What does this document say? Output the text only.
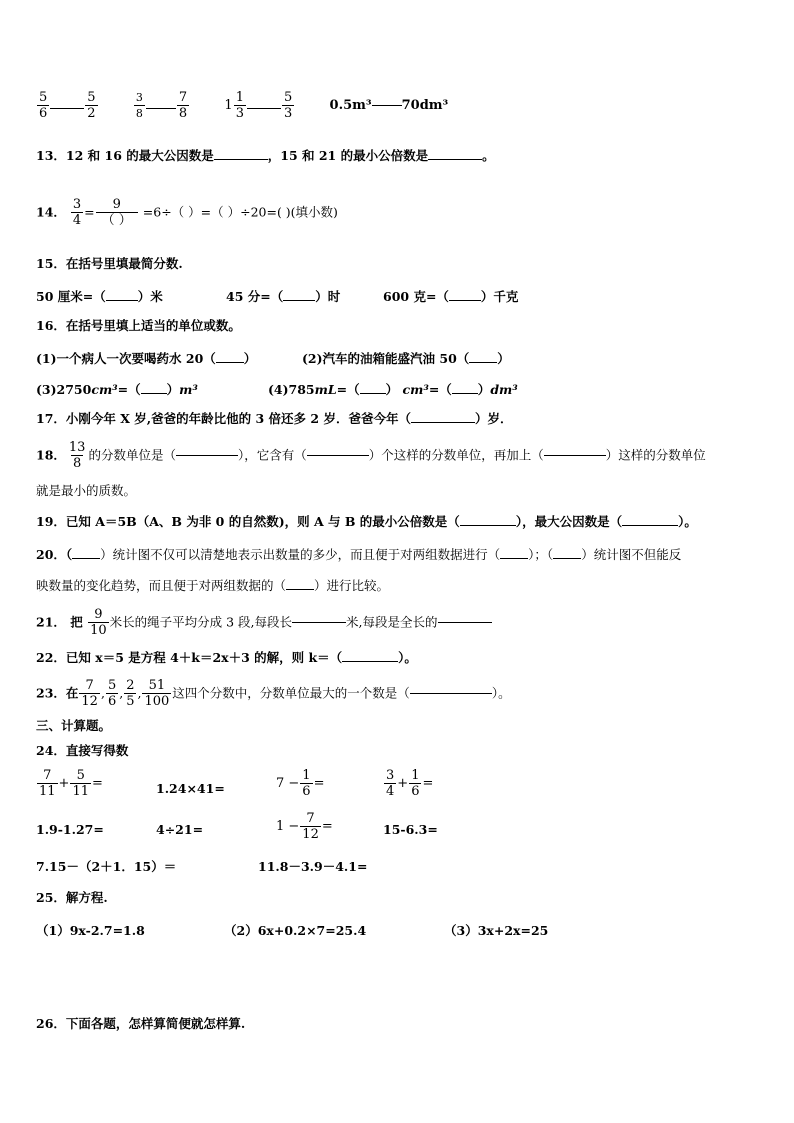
$\frac{5}{6}$	$\frac{5}{2}$
	$\frac{3}{8} \frac{7}{8}$	$1 \frac{1}{3}$	$\frac{5}{3}$	0.5m³ 70dm³
13．12 和 16 的最大公因数是	，15 和 21 的最小公倍数是	。
14． $\frac{3}{4} = \frac{9}{( )} =6\div$（ ）=（ ）÷20=( )(填小数)
15．在括号里填最简分数.
50 厘米=（	）米	45 分=（	）时	600 克=（	）千克
16．在括号里填上适当的单位或数。
(1)一个病人一次要喝药水 20（ ）	(2)汽车的油箱能盛汽油 50（ ）
(3)2750cm³=（ ）m³	(4)785mL=（ ） cm³=（ ）dm³
17．小刚今年 X 岁,爸爸的年龄比他的 3 倍还多 2 岁．爸爸今年（	）岁．
18． $\frac{13}{8}$ 的分数单位是（	），它含有（	）个这样的分数单位，再加上（	）这样的分数单位
就是最小的质数。
19．已知 A＝5B（A、B 为非 0 的自然数)，则 A 与 B 的最小公倍数是（	），最大公因数是（	）。
20．（ ）统计图不仅可以清楚地表示出数量的多少，而且便于对两组数据进行（ ）；（ ）统计图不但能反
映数量的变化趋势，而且便于对两组数据的（ ）进行比较。
21． 把 $\frac{9}{10}$ 米长的绳子平均分成 3 段,每段长	米,每段是全长的
22．已知 x＝5 是方程 4＋k＝2x＋3 的解，则 k＝（	）。
23．在 $\frac{7}{12}$ , $\frac{5}{6}$ , $\frac{2}{5}$ , $\frac{51}{100}$ 这四个分数中，分数单位最大的一个数是（	）。
三、计算题。
24．直接写得数
$\frac{7}{11} + \frac{5}{11}$ =	1.24×41=	$7 - \frac{1}{6}$ =	$\frac{3}{4} + \frac{1}{6}$ =
1.9-1.27=	4÷21=	$1 - \frac{7}{12}$ =	15-6.3=
7.15－（2＋1．15）＝	11.8－3.9－4.1=
25．解方程.
（1）9x-2.7=1.8	（2）6x+0.2×7=25.4	（3）3x+2x=25
26．下面各题，怎样算简便就怎样算.
